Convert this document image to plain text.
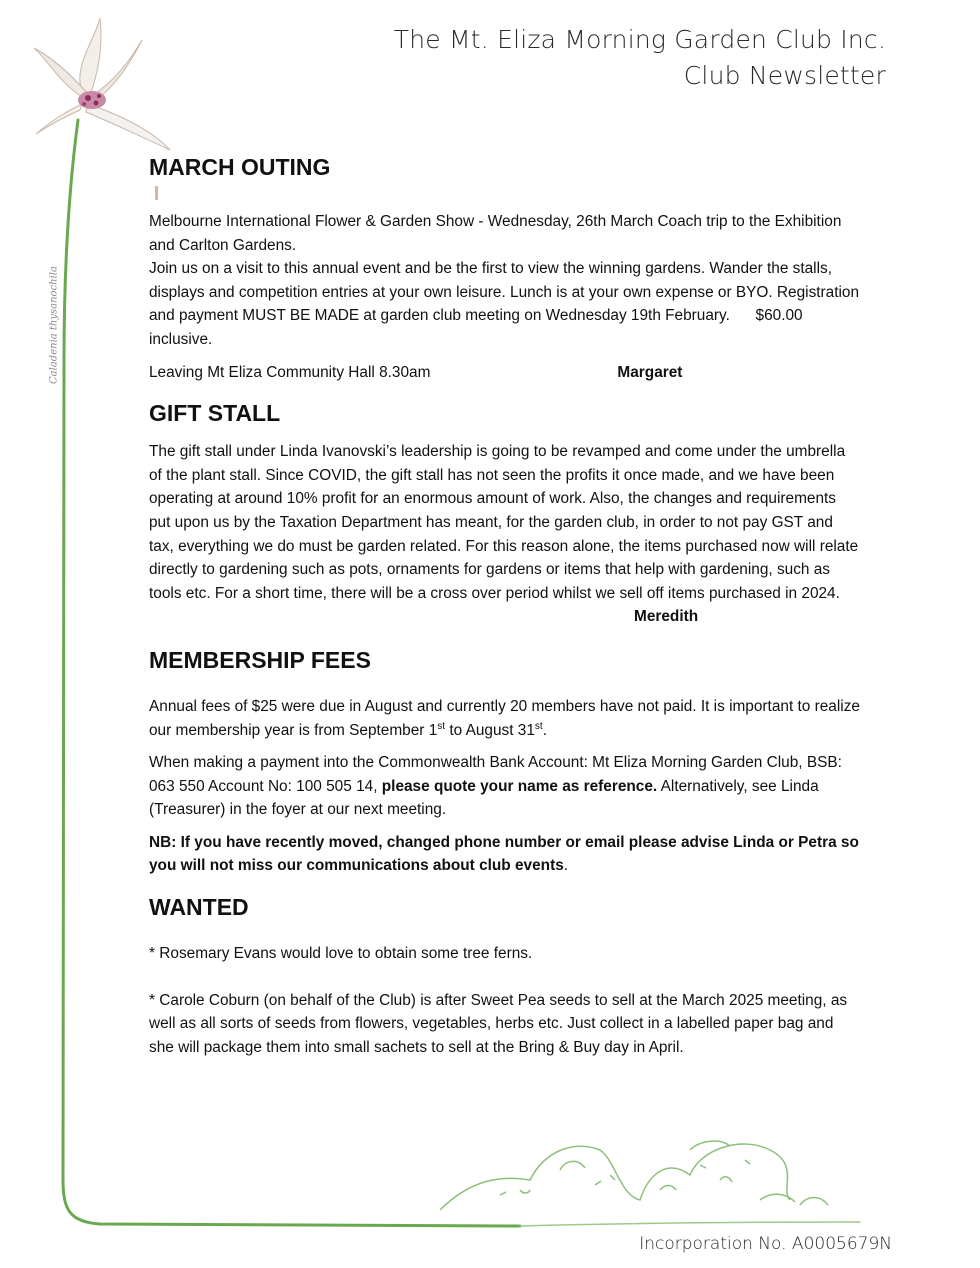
Caladenia thysanochila
The Mt. Eliza Morning Garden Club Inc.
Club Newsletter
MARCH OUTING

Melbourne International Flower & Garden Show - Wednesday, 26th March Coach trip to the Exhibition and Carlton Gardens.

Join us on a visit to this annual event and be the first to view the winning gardens. Wander the stalls, displays and competition entries at your own leisure. Lunch is at your own expense or BYO. Registration and payment MUST BE MADE at garden club meeting on Wednesday 19th February. $60.00 inclusive.

Leaving Mt Eliza Community Hall 8.30am	Margaret

GIFT STALL

The gift stall under Linda Ivanovski’s leadership is going to be revamped and come under the umbrella of the plant stall. Since COVID, the gift stall has not seen the profits it once made, and we have been operating at around 10% profit for an enormous amount of work. Also, the changes and requirements put upon us by the Taxation Department has meant, for the garden club, in order to not pay GST and tax, everything we do must be garden related. For this reason alone, the items purchased now will relate directly to gardening such as pots, ornaments for gardens or items that help with gardening, such as tools etc. For a short time, there will be a cross over period whilst we sell off items purchased in 2024.

Meredith

MEMBERSHIP FEES

Annual fees of $25 were due in August and currently 20 members have not paid. It is important to realize our membership year is from September 1st to August 31st.

When making a payment into the Commonwealth Bank Account: Mt Eliza Morning Garden Club, BSB: 063 550 Account No: 100 505 14, please quote your name as reference. Alternatively, see Linda (Treasurer) in the foyer at our next meeting.

NB: If you have recently moved, changed phone number or email please advise Linda or Petra so you will not miss our communications about club events.

WANTED

* Rosemary Evans would love to obtain some tree ferns.

* Carole Coburn (on behalf of the Club) is after Sweet Pea seeds to sell at the March 2025 meeting, as well as all sorts of seeds from flowers, vegetables, herbs etc. Just collect in a labelled paper bag and she will package them into small sachets to sell at the Bring & Buy day in April.

Incorporation No. A0005679N
